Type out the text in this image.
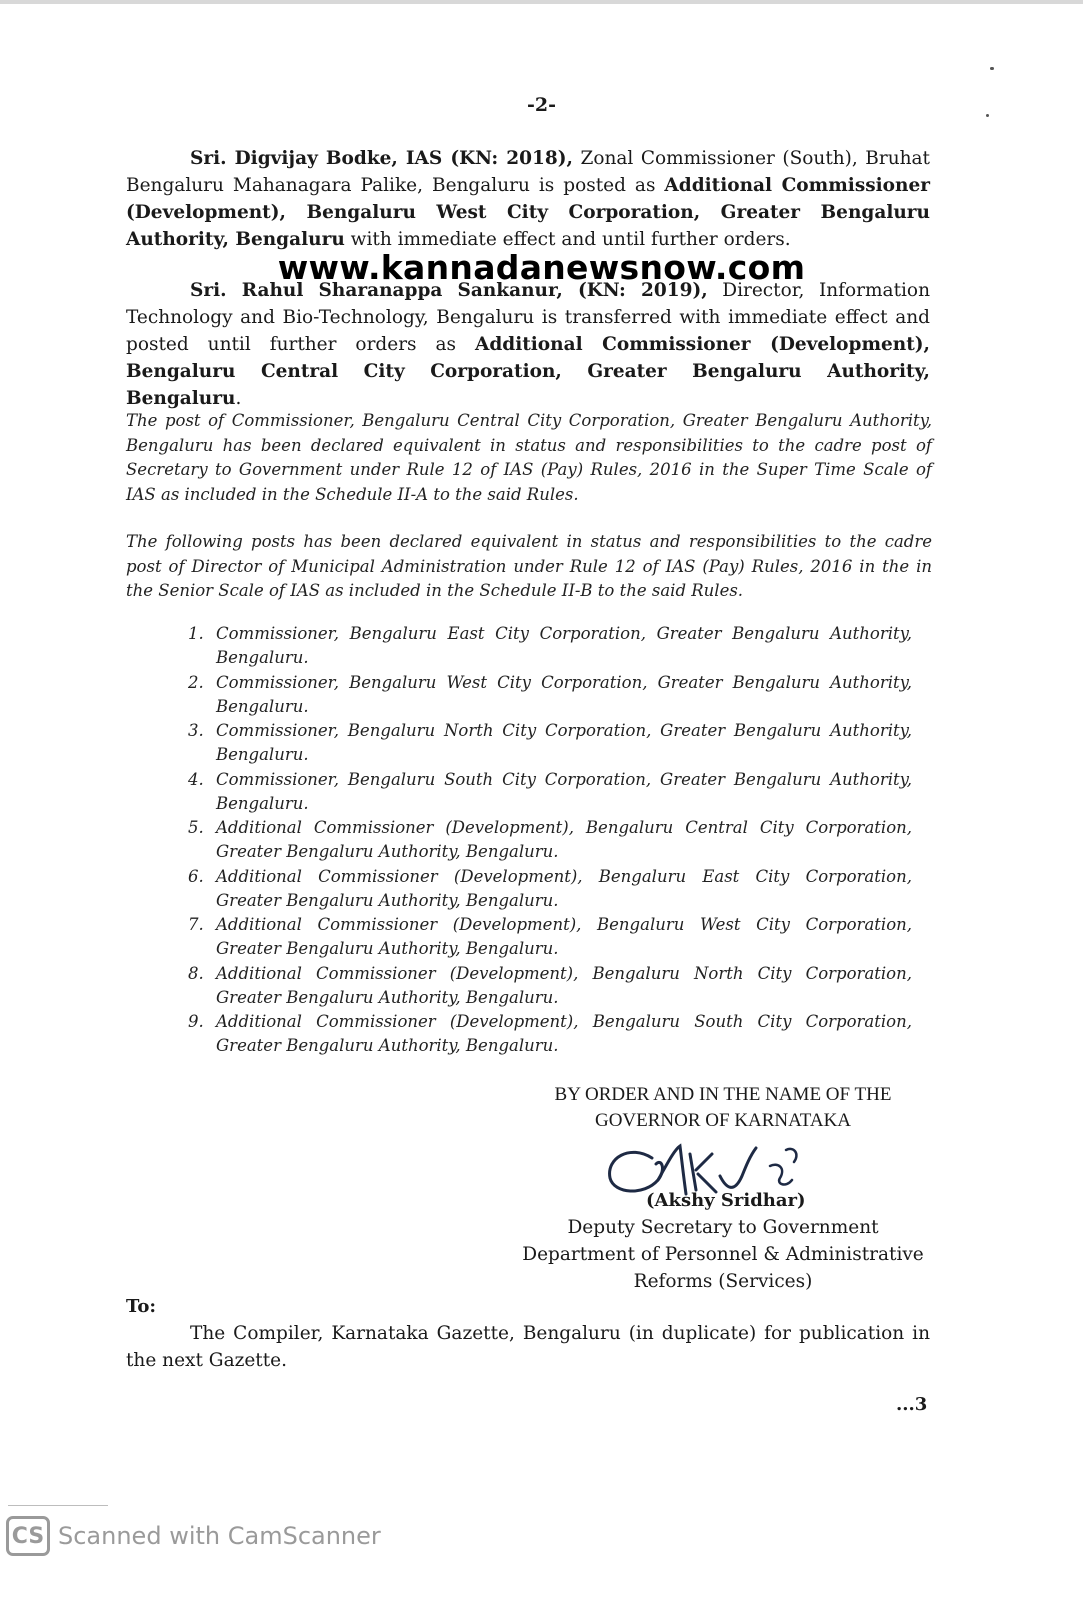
-2-

Sri. Digvijay Bodke, IAS (KN: 2018), Zonal Commissioner (South), Bruhat Bengaluru Mahanagara Palike, Bengaluru is posted as Additional Commissioner (Development), Bengaluru West City Corporation, Greater Bengaluru Authority, Bengaluru with immediate effect and until further orders.

www.kannadanewsnow.com

Sri. Rahul Sharanappa Sankanur, (KN: 2019), Director, Information Technology and Bio-Technology, Bengaluru is transferred with immediate effect and posted until further orders as Additional Commissioner (Development), Bengaluru Central City Corporation, Greater Bengaluru Authority, Bengaluru.

The post of Commissioner, Bengaluru Central City Corporation, Greater Bengaluru Authority, Bengaluru has been declared equivalent in status and responsibilities to the cadre post of Secretary to Government under Rule 12 of IAS (Pay) Rules, 2016 in the Super Time Scale of IAS as included in the Schedule II-A to the said Rules.

The following posts has been declared equivalent in status and responsibilities to the cadre post of Director of Municipal Administration under Rule 12 of IAS (Pay) Rules, 2016 in the in the Senior Scale of IAS as included in the Schedule II-B to the said Rules.

1. Commissioner, Bengaluru East City Corporation, Greater Bengaluru Authority, Bengaluru.
2. Commissioner, Bengaluru West City Corporation, Greater Bengaluru Authority, Bengaluru.
3. Commissioner, Bengaluru North City Corporation, Greater Bengaluru Authority, Bengaluru.
4. Commissioner, Bengaluru South City Corporation, Greater Bengaluru Authority, Bengaluru.
5. Additional Commissioner (Development), Bengaluru Central City Corporation, Greater Bengaluru Authority, Bengaluru.
6. Additional Commissioner (Development), Bengaluru East City Corporation, Greater Bengaluru Authority, Bengaluru.
7. Additional Commissioner (Development), Bengaluru West City Corporation, Greater Bengaluru Authority, Bengaluru.
8. Additional Commissioner (Development), Bengaluru North City Corporation, Greater Bengaluru Authority, Bengaluru.
9. Additional Commissioner (Development), Bengaluru South City Corporation, Greater Bengaluru Authority, Bengaluru.
BY ORDER AND IN THE NAME OF THE
GOVERNOR OF KARNATAKA
(Akshy Sridhar)
Deputy Secretary to Government
Department of Personnel & Administrative
Reforms (Services)
To:

The Compiler, Karnataka Gazette, Bengaluru (in duplicate) for publication in the next Gazette.

...3
CS Scanned with CamScanner
